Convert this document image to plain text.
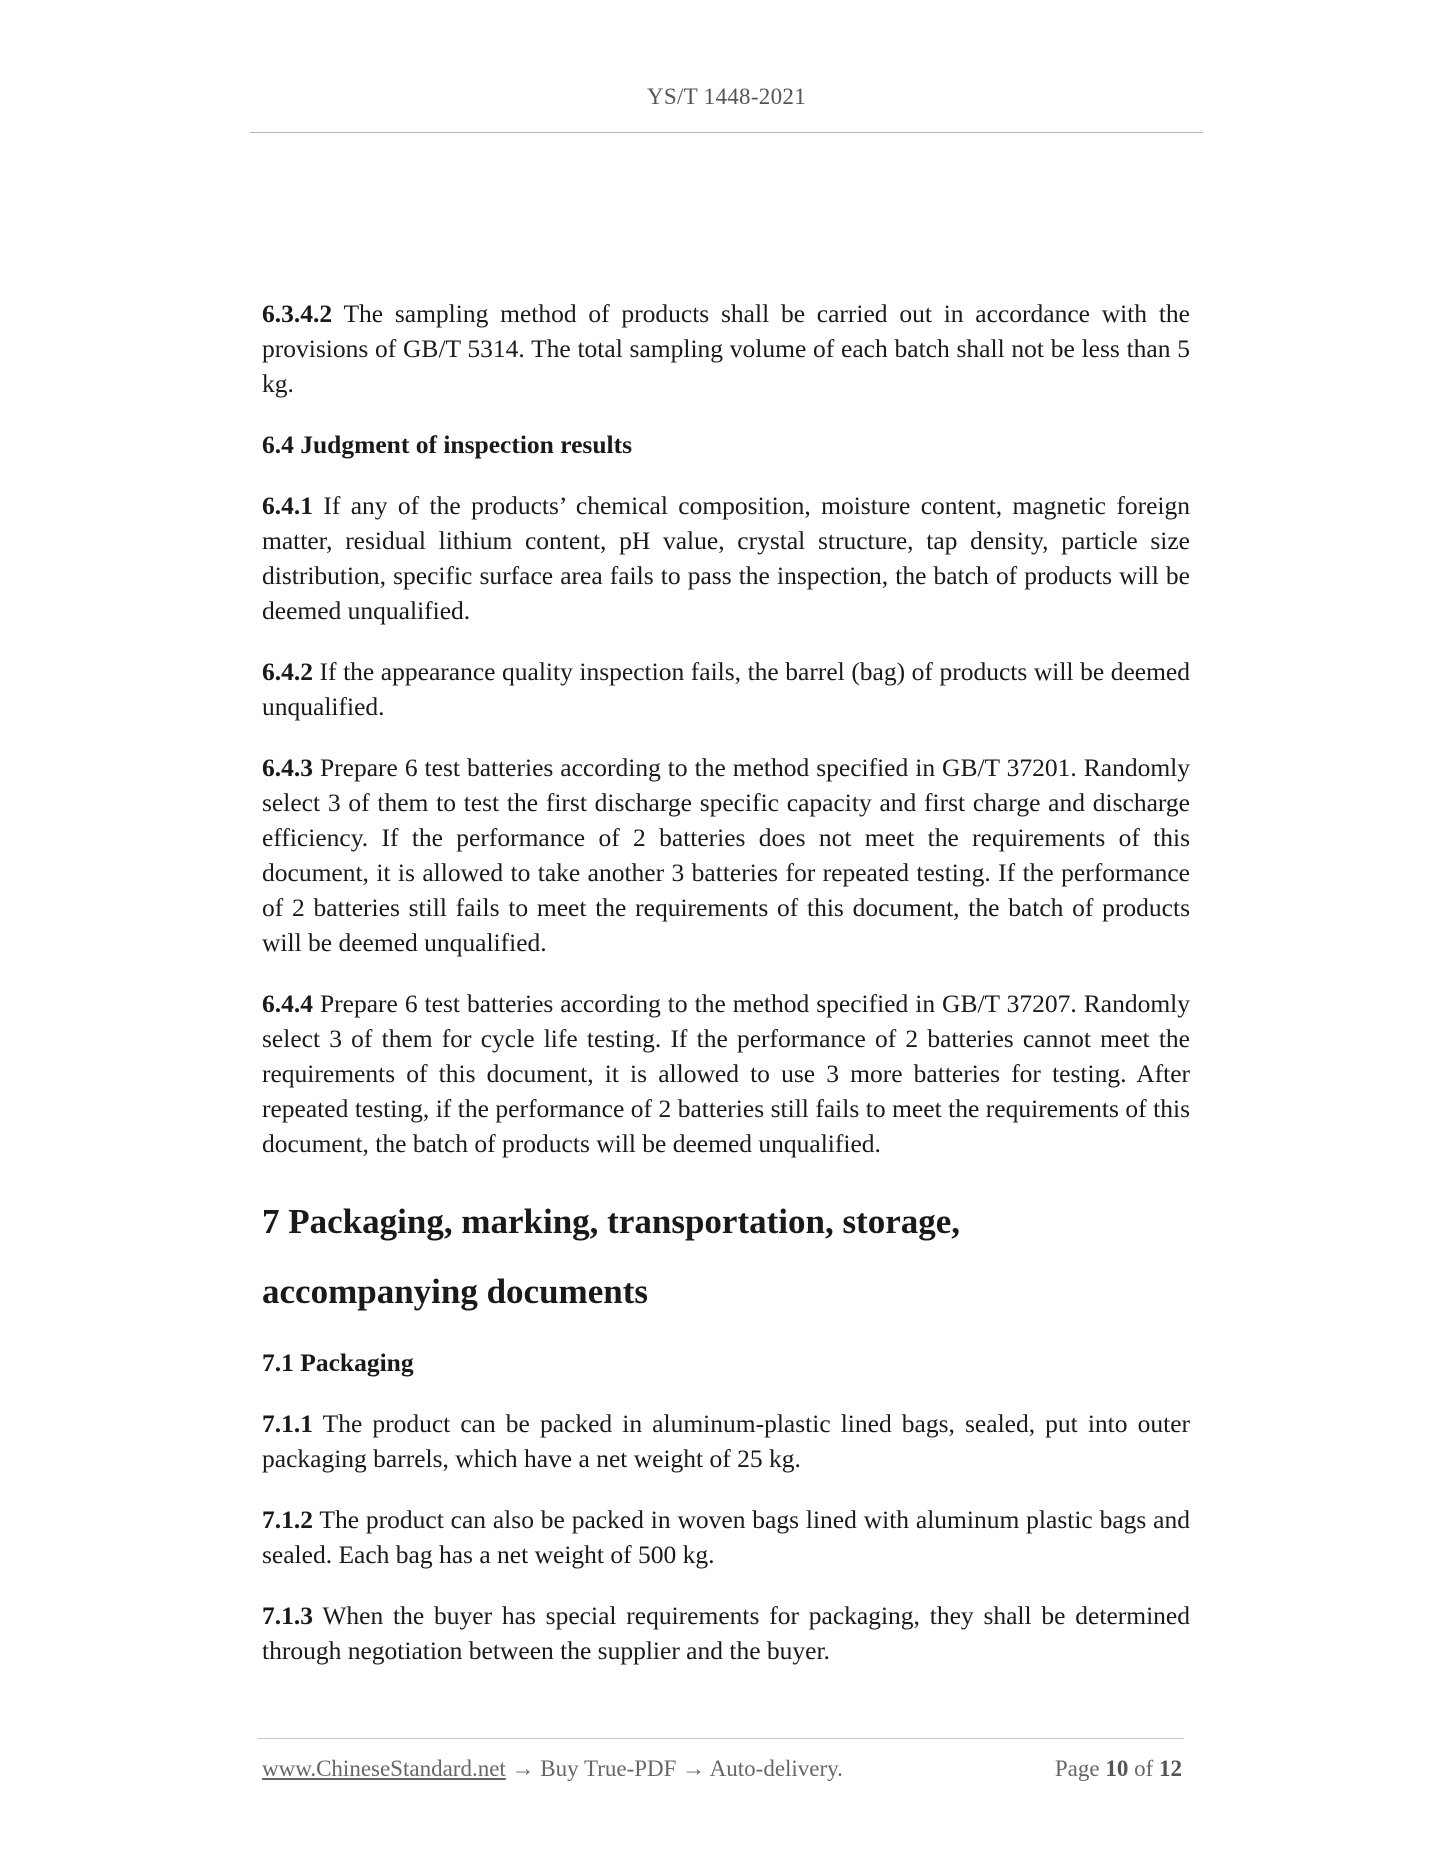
YS/T 1448-2021

6.3.4.2 The sampling method of products shall be carried out in accordance with the provisions of GB/T 5314. The total sampling volume of each batch shall not be less than 5 kg.

6.4 Judgment of inspection results

6.4.1 If any of the products’ chemical composition, moisture content, magnetic foreign matter, residual lithium content, pH value, crystal structure, tap density, particle size distribution, specific surface area fails to pass the inspection, the batch of products will be deemed unqualified.

6.4.2 If the appearance quality inspection fails, the barrel (bag) of products will be deemed unqualified.

6.4.3 Prepare 6 test batteries according to the method specified in GB/T 37201. Randomly select 3 of them to test the first discharge specific capacity and first charge and discharge efficiency. If the performance of 2 batteries does not meet the requirements of this document, it is allowed to take another 3 batteries for repeated testing. If the performance of 2 batteries still fails to meet the requirements of this document, the batch of products will be deemed unqualified.

6.4.4 Prepare 6 test batteries according to the method specified in GB/T 37207. Randomly select 3 of them for cycle life testing. If the performance of 2 batteries cannot meet the requirements of this document, it is allowed to use 3 more batteries for testing. After repeated testing, if the performance of 2 batteries still fails to meet the requirements of this document, the batch of products will be deemed unqualified.

7 Packaging, marking, transportation, storage,
accompanying documents

7.1 Packaging

7.1.1 The product can be packed in aluminum-plastic lined bags, sealed, put into outer packaging barrels, which have a net weight of 25 kg.

7.1.2 The product can also be packed in woven bags lined with aluminum plastic bags and sealed. Each bag has a net weight of 500 kg.

7.1.3 When the buyer has special requirements for packaging, they shall be determined through negotiation between the supplier and the buyer.

www.ChineseStandard.net → Buy True-PDF → Auto-delivery.	Page 10 of 12
